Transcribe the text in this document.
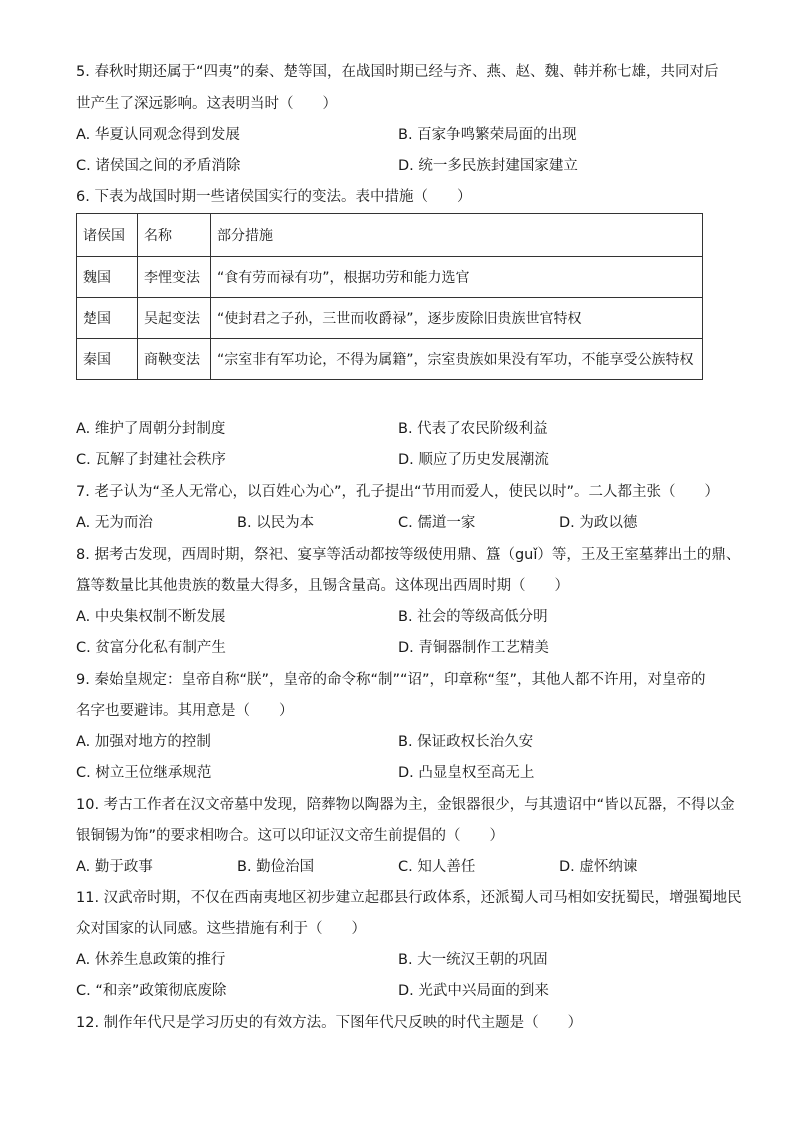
5. 春秋时期还属于“四夷”的秦、楚等国，在战国时期已经与齐、燕、赵、魏、韩并称七雄，共同对后
世产生了深远影响。这表明当时（　　）
A. 华夏认同观念得到发展	B. 百家争鸣繁荣局面的出现
C. 诸侯国之间的矛盾消除	D. 统一多民族封建国家建立
6. 下表为战国时期一些诸侯国实行的变法。表中措施（　　）
诸侯国	名称	部分措施
魏国	李悝变法	“食有劳而禄有功”，根据功劳和能力选官
楚国	吴起变法	“使封君之子孙，三世而收爵禄”，逐步废除旧贵族世官特权
秦国	商鞅变法	“宗室非有军功论，不得为属籍”，宗室贵族如果没有军功，不能享受公族特权
A. 维护了周朝分封制度	B. 代表了农民阶级利益
C. 瓦解了封建社会秩序	D. 顺应了历史发展潮流
7. 老子认为“圣人无常心，以百姓心为心”，孔子提出“节用而爱人，使民以时”。二人都主张（　　）
A. 无为而治	B. 以民为本	C. 儒道一家	D. 为政以德
8. 据考古发现，西周时期，祭祀、宴享等活动都按等级使用鼎、簋（guǐ）等，王及王室墓葬出土的鼎、
簋等数量比其他贵族的数量大得多，且锡含量高。这体现出西周时期（　　）
A. 中央集权制不断发展	B. 社会的等级高低分明
C. 贫富分化私有制产生	D. 青铜器制作工艺精美
9. 秦始皇规定：皇帝自称“朕”，皇帝的命令称“制”“诏”，印章称“玺”，其他人都不许用，对皇帝的
名字也要避讳。其用意是（　　）
A. 加强对地方的控制	B. 保证政权长治久安
C. 树立王位继承规范	D. 凸显皇权至高无上
10. 考古工作者在汉文帝墓中发现，陪葬物以陶器为主，金银器很少，与其遗诏中“皆以瓦器，不得以金
银铜锡为饰”的要求相吻合。这可以印证汉文帝生前提倡的（　　）
A. 勤于政事	B. 勤俭治国	C. 知人善任	D. 虚怀纳谏
11. 汉武帝时期，不仅在西南夷地区初步建立起郡县行政体系，还派蜀人司马相如安抚蜀民，增强蜀地民
众对国家的认同感。这些措施有利于（　　）
A. 休养生息政策的推行	B. 大一统汉王朝的巩固
C. “和亲”政策彻底废除	D. 光武中兴局面的到来
12. 制作年代尺是学习历史的有效方法。下图年代尺反映的时代主题是（　　）
